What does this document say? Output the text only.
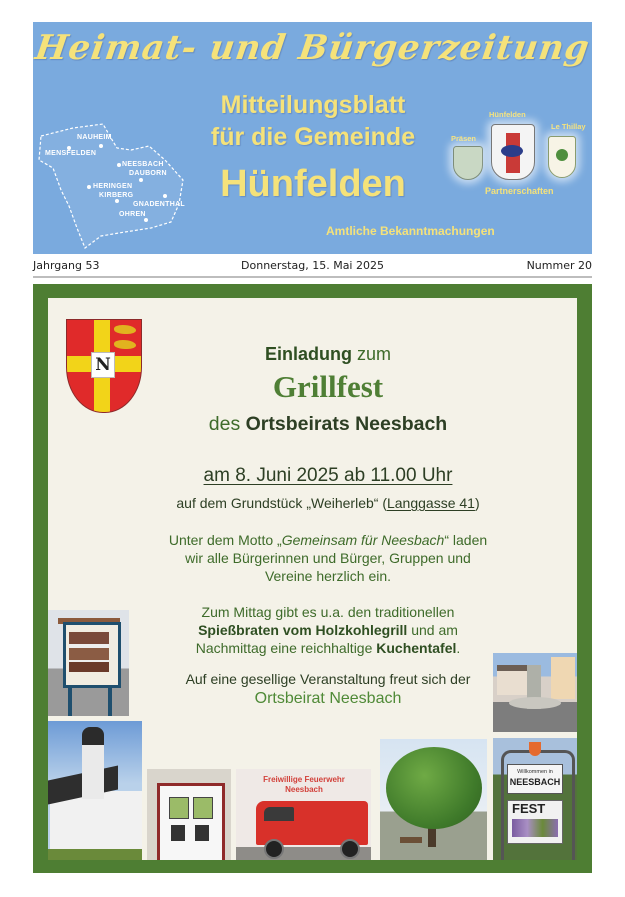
Heimat- und Bürgerzeitung
NAUHEIM
MENSFELDEN
NEESBACH
DAUBORN
HERINGEN
KIRBERG
GNADENTHAL
OHREN
Mitteilungsblatt
für die Gemeinde
Hünfelden
Präsen
Hünfelden
Le Thillay
Partnerschaften
Amtliche Bekanntmachungen
Jahrgang 53	Donnerstag, 15. Mai 2025	Nummer 20
N
Einladung zum
Grillfest
des Ortsbeirats Neesbach
am 8. Juni 2025 ab 11.00 Uhr
auf dem Grundstück „Weiherleb“ (Langgasse 41)
Unter dem Motto „Gemeinsam für Neesbach“ laden
wir alle Bürgerinnen und Bürger, Gruppen und
Vereine herzlich ein.
Zum Mittag gibt es u.a. den traditionellen
Spießbraten vom Holzkohlegrill und am
Nachmittag eine reichhaltige Kuchentafel.
Auf eine gesellige Veranstaltung freut sich der
Ortsbeirat Neesbach
Freiwillige Feuerwehr
Neesbach
Willkommen in
NEESBACH
FEST
